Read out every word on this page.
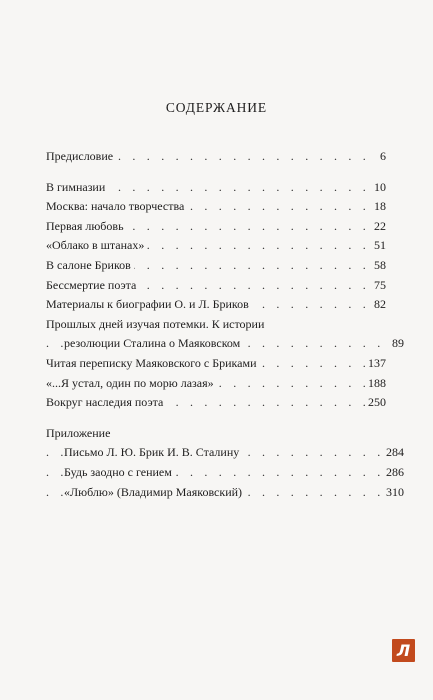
СОДЕРЖАНИЕ
. . .
Предисловие	6
. . .
В гимназии	10
. . .
Москва: начало творчества	18
. . .
Первая любовь	22
. . .
«Облако в штанах»	51
. . .
В салоне Бриков	58
. . .
Бессмертие поэта	75
. . .
Материалы к биографии О. и Л. Бриков	82
Прошлых дней изучая потемки. К истории
. . .
резолюции Сталина о Маяковском	89
. . .
Читая переписку Маяковского с Бриками	137
. . .
«...Я устал, один по морю лазая»	188
. . .
Вокруг наследия поэта	250
Приложение
. . .
Письмо Л. Ю. Брик И. В. Сталину	284
. . .
Будь заодно с гением	286
. . .
«Люблю» (Владимир Маяковский)	310
Л
